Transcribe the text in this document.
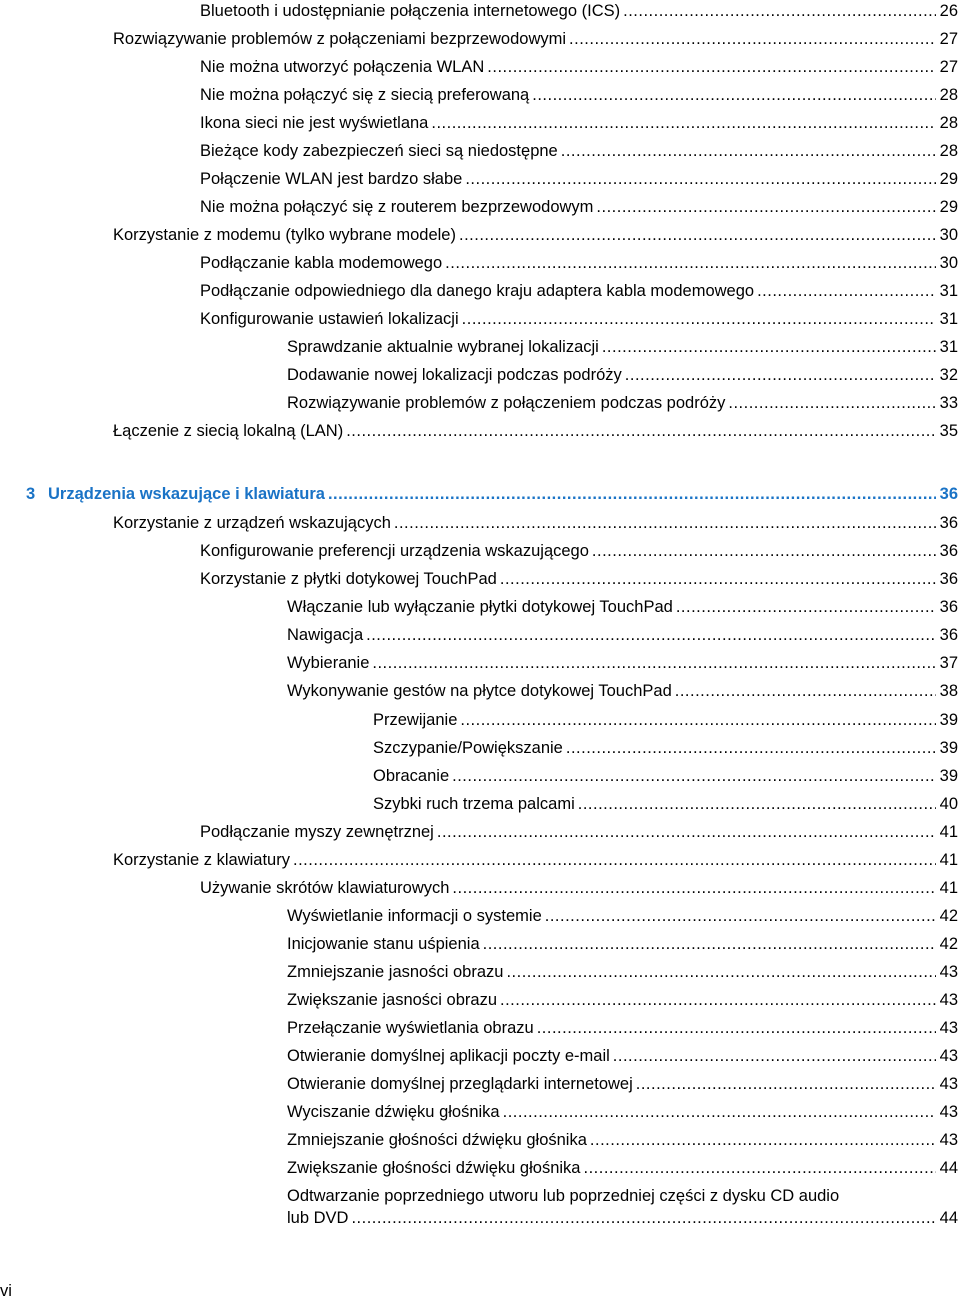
Bluetooth i udostępnianie połączenia internetowego (ICS) .....	26
Rozwiązywanie problemów z połączeniami bezprzewodowymi .....	27
Nie można utworzyć połączenia WLAN .....	27
Nie można połączyć się z siecią preferowaną .....	28
Ikona sieci nie jest wyświetlana .....	28
Bieżące kody zabezpieczeń sieci są niedostępne .....	28
Połączenie WLAN jest bardzo słabe .....	29
Nie można połączyć się z routerem bezprzewodowym .....	29
Korzystanie z modemu (tylko wybrane modele) .....	30
Podłączanie kabla modemowego .....	30
Podłączanie odpowiedniego dla danego kraju adaptera kabla modemowego .....	31
Konfigurowanie ustawień lokalizacji .....	31
Sprawdzanie aktualnie wybranej lokalizacji .....	31
Dodawanie nowej lokalizacji podczas podróży .....	32
Rozwiązywanie problemów z połączeniem podczas podróży .....	33
Łączenie z siecią lokalną (LAN) .....	35
3 Urządzenia wskazujące i klawiatura .....	36
Korzystanie z urządzeń wskazujących .....	36
Konfigurowanie preferencji urządzenia wskazującego .....	36
Korzystanie z płytki dotykowej TouchPad .....	36
Włączanie lub wyłączanie płytki dotykowej TouchPad .....	36
Nawigacja .....	36
Wybieranie .....	37
Wykonywanie gestów na płytce dotykowej TouchPad .....	38
Przewijanie .....	39
Szczypanie/Powiększanie .....	39
Obracanie .....	39
Szybki ruch trzema palcami .....	40
Podłączanie myszy zewnętrznej .....	41
Korzystanie z klawiatury .....	41
Używanie skrótów klawiaturowych .....	41
Wyświetlanie informacji o systemie .....	42
Inicjowanie stanu uśpienia .....	42
Zmniejszanie jasności obrazu .....	43
Zwiększanie jasności obrazu .....	43
Przełączanie wyświetlania obrazu .....	43
Otwieranie domyślnej aplikacji poczty e-mail .....	43
Otwieranie domyślnej przeglądarki internetowej .....	43
Wyciszanie dźwięku głośnika .....	43
Zmniejszanie głośności dźwięku głośnika .....	43
Zwiększanie głośności dźwięku głośnika .....	44
Odtwarzanie poprzedniego utworu lub poprzedniej części z dysku CD audio
lub DVD .....	44
vi
